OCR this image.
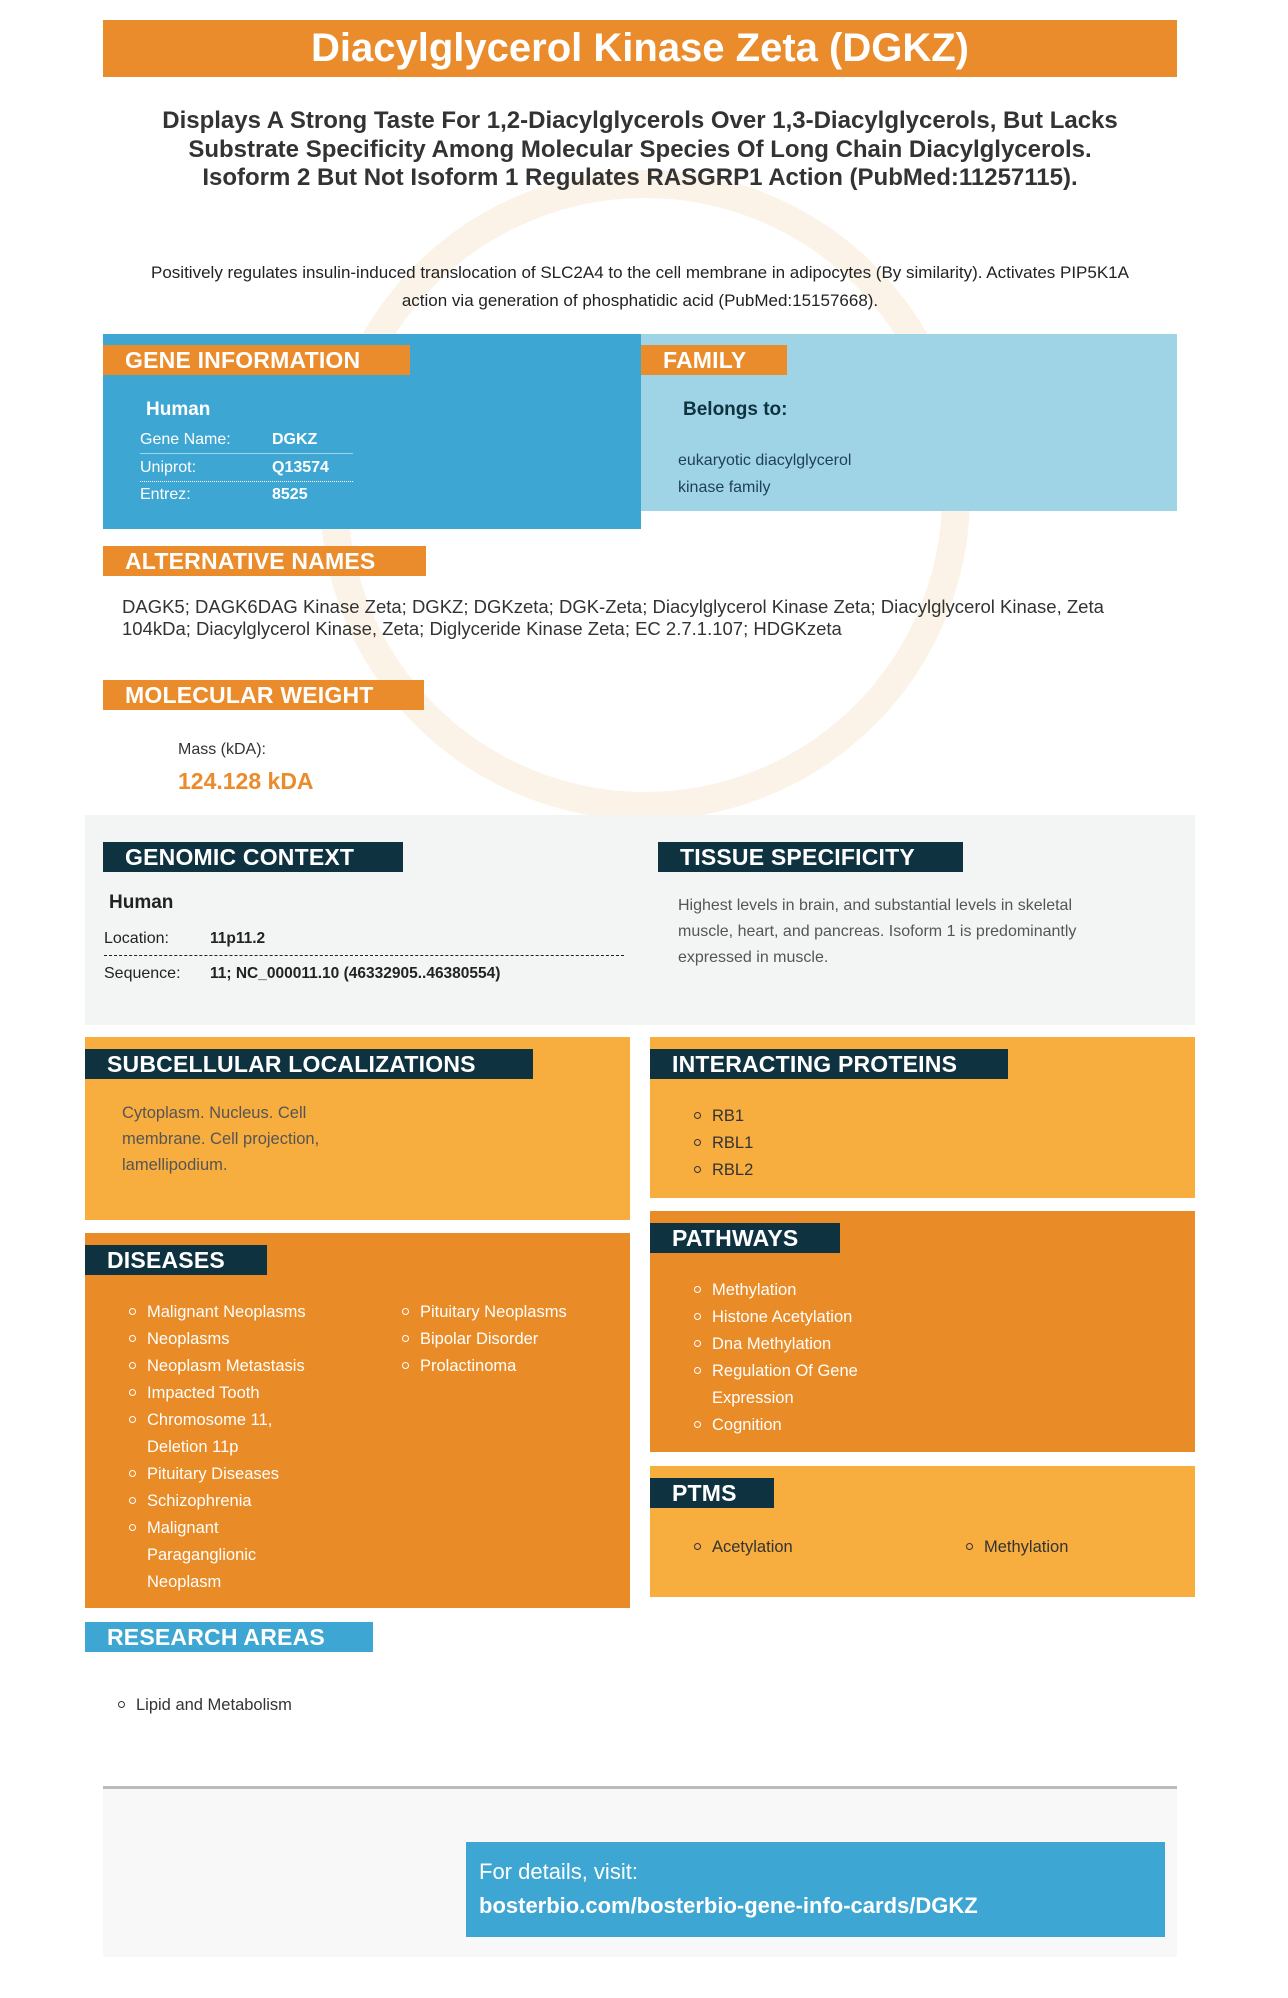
Diacylglycerol Kinase Zeta (DGKZ)
Displays A Strong Taste For 1,2-Diacylglycerols Over 1,3-Diacylglycerols, But Lacks Substrate Specificity Among Molecular Species Of Long Chain Diacylglycerols. Isoform 2 But Not Isoform 1 Regulates RASGRP1 Action (PubMed:11257115).
Positively regulates insulin-induced translocation of SLC2A4 to the cell membrane in adipocytes (By similarity). Activates PIP5K1A action via generation of phosphatidic acid (PubMed:15157668).
GENE INFORMATION	FAMILY
Human
Gene Name:	DGKZ
Uniprot:	Q13574
Entrez:	8525
Belongs to:
eukaryotic diacylglycerol kinase family
ALTERNATIVE NAMES
DAGK5; DAGK6DAG Kinase Zeta; DGKZ; DGKzeta; DGK-Zeta; Diacylglycerol Kinase Zeta; Diacylglycerol Kinase, Zeta 104kDa; Diacylglycerol Kinase, Zeta; Diglyceride Kinase Zeta; EC 2.7.1.107; HDGKzeta
MOLECULAR WEIGHT
Mass (kDA):
124.128 kDA
GENOMIC CONTEXT	TISSUE SPECIFICITY
Human
Location:	11p11.2
Sequence: 11; NC_000011.10 (46332905..46380554)
Highest levels in brain, and substantial levels in skeletal muscle, heart, and pancreas. Isoform 1 is predominantly expressed in muscle.
SUBCELLULAR LOCALIZATIONS
Cytoplasm. Nucleus. Cell membrane. Cell projection, lamellipodium.
INTERACTING PROTEINS
RB1
RBL1
RBL2
DISEASES
Malignant Neoplasms
Neoplasms
Neoplasm Metastasis
Impacted Tooth
Chromosome 11, Deletion 11p
Pituitary Diseases
Schizophrenia
Malignant Paraganglionic Neoplasm
Pituitary Neoplasms
Bipolar Disorder
Prolactinoma
PATHWAYS
Methylation
Histone Acetylation
Dna Methylation
Regulation Of Gene Expression
Cognition
PTMS
Acetylation	Methylation
RESEARCH AREAS
Lipid and Metabolism
For details, visit:
bosterbio.com/bosterbio-gene-info-cards/DGKZ
